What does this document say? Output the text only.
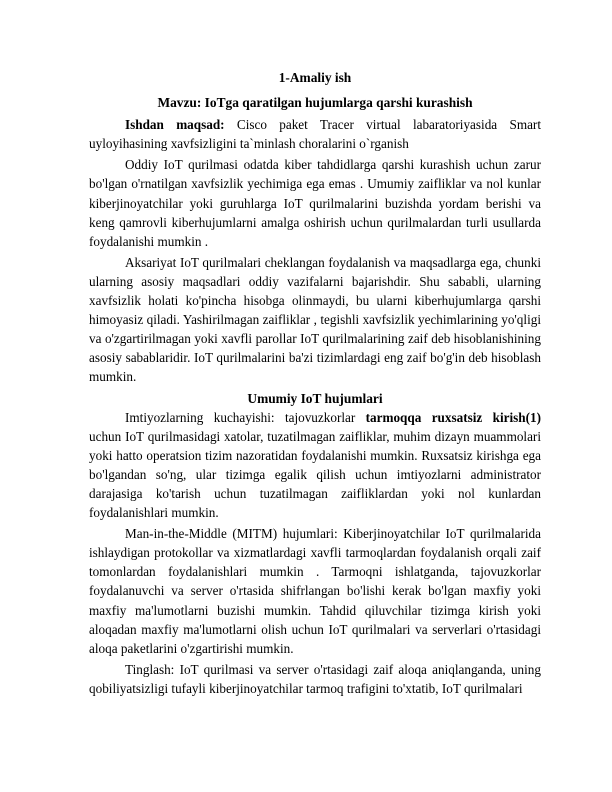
1-Amaliy ish

Mavzu: IoTga qaratilgan hujumlarga qarshi kurashish

Ishdan maqsad: Cisco paket Tracer virtual labaratoriyasida Smart uyloyihasining xavfsizligini ta`minlash choralarini o`rganish

Oddiy IoT qurilmasi odatda kiber tahdidlarga qarshi kurashish uchun zarur bo'lgan o'rnatilgan xavfsizlik yechimiga ega emas . Umumiy zaifliklar va nol kunlar kiberjinoyatchilar yoki guruhlarga IoT qurilmalarini buzishda yordam berishi va keng qamrovli kiberhujumlarni amalga oshirish uchun qurilmalardan turli usullarda foydalanishi mumkin .

Aksariyat IoT qurilmalari cheklangan foydalanish va maqsadlarga ega, chunki ularning asosiy maqsadlari oddiy vazifalarni bajarishdir. Shu sababli, ularning xavfsizlik holati ko'pincha hisobga olinmaydi, bu ularni kiberhujumlarga qarshi himoyasiz qiladi. Yashirilmagan zaifliklar , tegishli xavfsizlik yechimlarining yo'qligi va o'zgartirilmagan yoki xavfli parollar IoT qurilmalarining zaif deb hisoblanishining asosiy sabablaridir. IoT qurilmalarini ba'zi tizimlardagi eng zaif bo'g'in deb hisoblash mumkin.

Umumiy IoT hujumlari

Imtiyozlarning kuchayishi: tajovuzkorlar tarmoqqa ruxsatsiz kirish(1) uchun IoT qurilmasidagi xatolar, tuzatilmagan zaifliklar, muhim dizayn muammolari yoki hatto operatsion tizim nazoratidan foydalanishi mumkin. Ruxsatsiz kirishga ega bo'lgandan so'ng, ular tizimga egalik qilish uchun imtiyozlarni administrator darajasiga ko'tarish uchun tuzatilmagan zaifliklardan yoki nol kunlardan foydalanishlari mumkin.

Man-in-the-Middle (MITM) hujumlari: Kiberjinoyatchilar IoT qurilmalarida ishlaydigan protokollar va xizmatlardagi xavfli tarmoqlardan foydalanish orqali zaif tomonlardan foydalanishlari mumkin . Tarmoqni ishlatganda, tajovuzkorlar foydalanuvchi va server o'rtasida shifrlangan bo'lishi kerak bo'lgan maxfiy yoki maxfiy ma'lumotlarni buzishi mumkin. Tahdid qiluvchilar tizimga kirish yoki aloqadan maxfiy ma'lumotlarni olish uchun IoT qurilmalari va serverlari o'rtasidagi aloqa paketlarini o'zgartirishi mumkin.

Tinglash: IoT qurilmasi va server o'rtasidagi zaif aloqa aniqlanganda, uning qobiliyatsizligi tufayli kiberjinoyatchilar tarmoq trafigini to'xtatib, IoT qurilmalari
